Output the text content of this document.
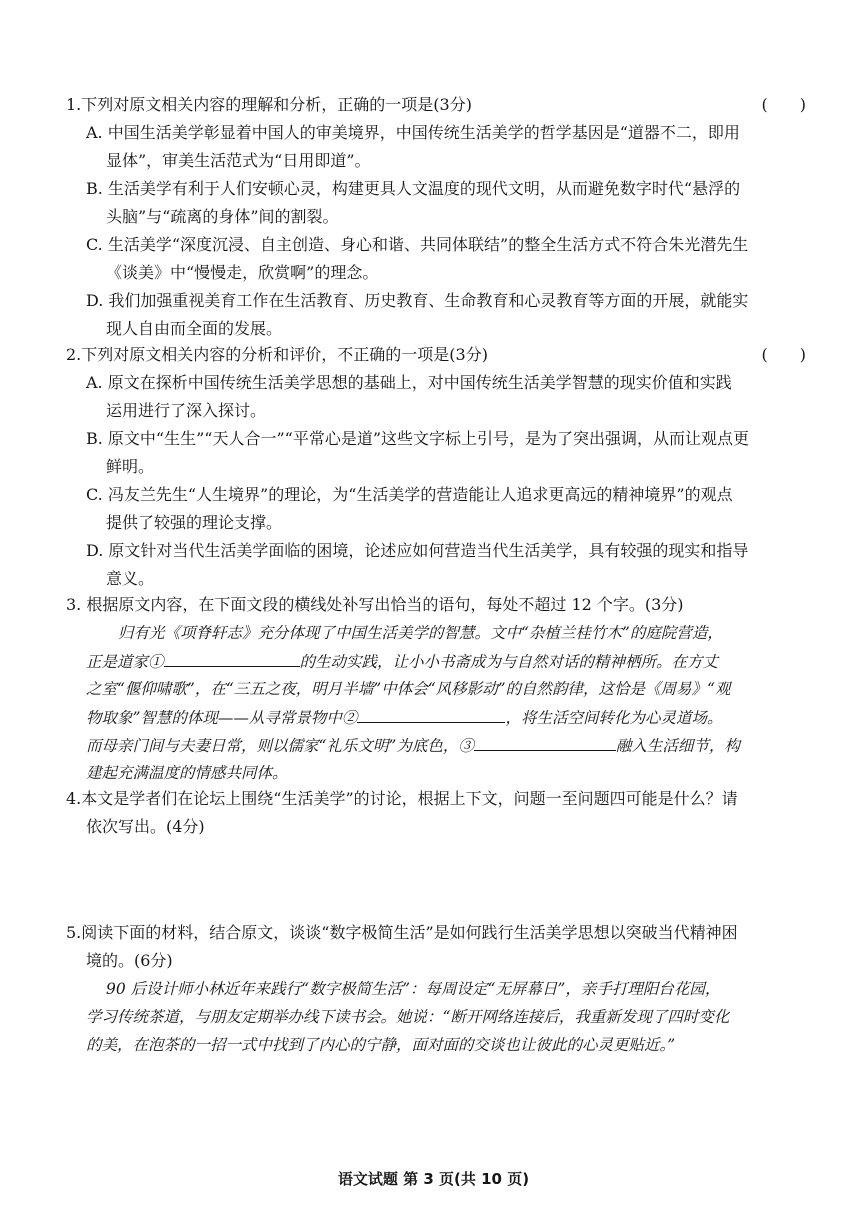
1.下列对原文相关内容的理解和分析，正确的一项是(3分)	(　　)
A. 中国生活美学彰显着中国人的审美境界，中国传统生活美学的哲学基因是“道器不二，即用
显体”，审美生活范式为“日用即道”。
B. 生活美学有利于人们安顿心灵，构建更具人文温度的现代文明，从而避免数字时代“悬浮的
头脑”与“疏离的身体”间的割裂。
C. 生活美学“深度沉浸、自主创造、身心和谐、共同体联结”的整全生活方式不符合朱光潜先生
《谈美》中“慢慢走，欣赏啊”的理念。
D. 我们加强重视美育工作在生活教育、历史教育、生命教育和心灵教育等方面的开展，就能实
现人自由而全面的发展。
2.下列对原文相关内容的分析和评价，不正确的一项是(3分)	(　　)
A. 原文在探析中国传统生活美学思想的基础上，对中国传统生活美学智慧的现实价值和实践
运用进行了深入探讨。
B. 原文中“生生”“天人合一”“平常心是道”这些文字标上引号，是为了突出强调，从而让观点更
鲜明。
C. 冯友兰先生“人生境界”的理论，为“生活美学的营造能让人追求更高远的精神境界”的观点
提供了较强的理论支撑。
D. 原文针对当代生活美学面临的困境，论述应如何营造当代生活美学，具有较强的现实和指导
意义。
3. 根据原文内容，在下面文段的横线处补写出恰当的语句，每处不超过 12 个字。(3分)
归有光《项脊轩志》充分体现了中国生活美学的智慧。文中“杂植兰桂竹木”的庭院营造，
正是道家①	的生动实践，让小小书斋成为与自然对话的精神栖所。在方丈
之室“偃仰啸歌”，在“三五之夜，明月半墙”中体会“风移影动”的自然韵律，这恰是《周易》“观
物取象”智慧的体现——从寻常景物中②	，将生活空间转化为心灵道场。
而母亲门间与夫妻日常，则以儒家“礼乐文明”为底色，③	融入生活细节，构
建起充满温度的情感共同体。
4.本文是学者们在论坛上围绕“生活美学”的讨论，根据上下文，问题一至问题四可能是什么？请
依次写出。(4分)
5.阅读下面的材料，结合原文，谈谈“数字极简生活”是如何践行生活美学思想以突破当代精神困
境的。(6分)
90 后设计师小林近年来践行“数字极简生活”：每周设定“无屏幕日”，亲手打理阳台花园，
学习传统茶道，与朋友定期举办线下读书会。她说：“断开网络连接后，我重新发现了四时变化
的美，在泡茶的一招一式中找到了内心的宁静，面对面的交谈也让彼此的心灵更贴近。”
语文试题 第 3 页(共 10 页)
